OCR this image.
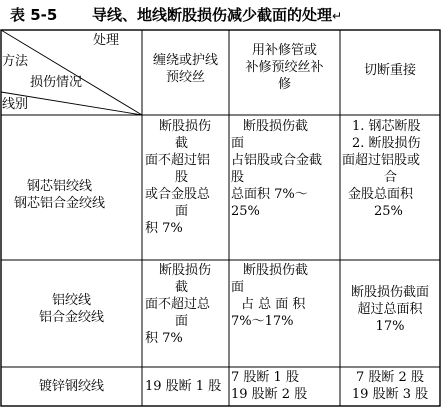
表 5-5 导线、地线断股损伤减少截面的处理↵
处理
方法
损伤情况
线别
缠绕或护线
预绞丝
用补修管或
补修预绞丝补
修
切断重接
钢芯铝绞线
钢芯铝合金绞线
断股损伤
截
面不超过铝
股
或合金股总
面
积 7%
断股损伤截
面
占铝股或合金截
股
总面积 7%～
25%
1. 钢芯断股
2. 断股损伤
面超过铝股或
合
金股总面积
25%
铝绞线
铝合金绞线
断股损伤
截
面不超过总
面
积 7%
断股损伤截
面
占 总 面 积
7%～17%
断股损伤截面
超过总面积
17%
镀锌钢绞线	19 股断 1 股
7 股断 1 股
19 股断 2 股
7 股断 2 股
19 股断 3 股
